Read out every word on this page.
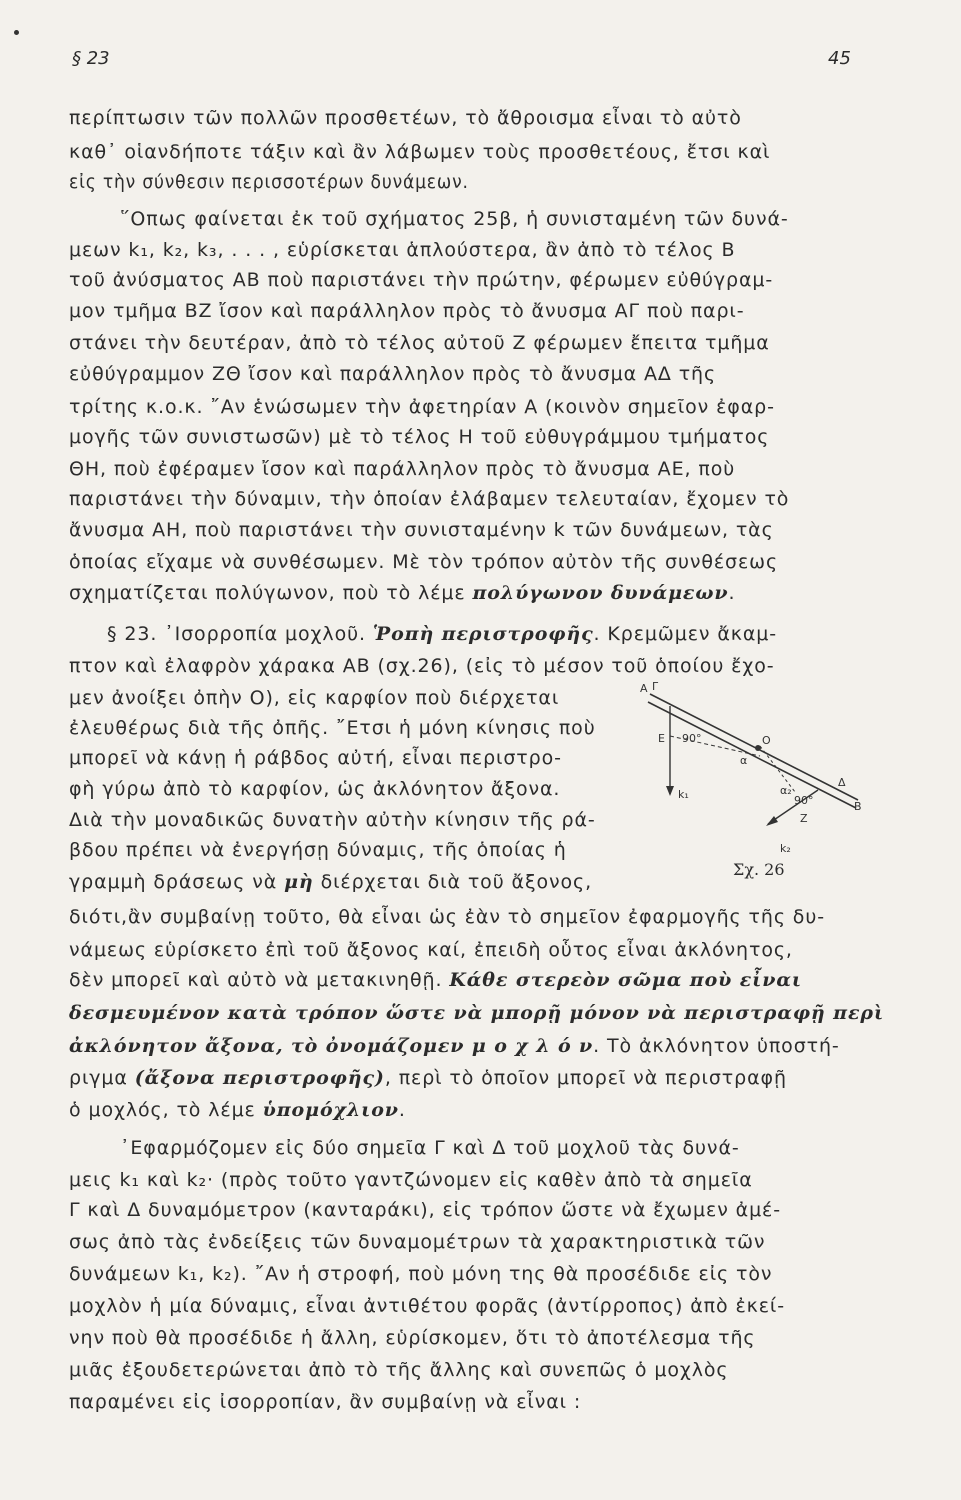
§ 23	45
περίπτωσιν τῶν πολλῶν προσθετέων, τὸ ἄθροισμα εἶναι τὸ αὐτὸ
καθ᾿ οἱανδήποτε τάξιν καὶ ἂν λάβωμεν τοὺς προσθετέους, ἔτσι καὶ
εἰς τὴν σύνθεσιν περισσοτέρων δυνάμεων.
῞Οπως φαίνεται ἐκ τοῦ σχήματος 25β, ἡ συνισταμένη τῶν δυνά-
μεων k₁, k₂, k₃, . . . , εὑρίσκεται ἁπλούστερα, ἂν ἀπὸ τὸ τέλος Β
τοῦ ἀνύσματος ΑΒ ποὺ παριστάνει τὴν πρώτην, φέρωμεν εὐθύγραμ-
μον τμῆμα ΒΖ ἴσον καὶ παράλληλον πρὸς τὸ ἄνυσμα ΑΓ ποὺ παρι-
στάνει τὴν δευτέραν, ἀπὸ τὸ τέλος αὐτοῦ Ζ φέρωμεν ἔπειτα τμῆμα
εὐθύγραμμον ΖΘ ἴσον καὶ παράλληλον πρὸς τὸ ἄνυσμα ΑΔ τῆς
τρίτης κ.ο.κ. ῎Αν ἑνώσωμεν τὴν ἀφετηρίαν Α (κοινὸν σημεῖον ἐφαρ-
μογῆς τῶν συνιστωσῶν) μὲ τὸ τέλος Η τοῦ εὐθυγράμμου τμήματος
ΘΗ, ποὺ ἐφέραμεν ἴσον καὶ παράλληλον πρὸς τὸ ἄνυσμα ΑΕ, ποὺ
παριστάνει τὴν δύναμιν, τὴν ὁποίαν ἐλάβαμεν τελευταίαν, ἔχομεν τὸ
ἄνυσμα ΑΗ, ποὺ παριστάνει τὴν συνισταμένην k τῶν δυνάμεων, τὰς
ὁποίας εἴχαμε νὰ συνθέσωμεν. Μὲ τὸν τρόπον αὐτὸν τῆς συνθέσεως
σχηματίζεται πολύγωνον, ποὺ τὸ λέμε πολύγωνον δυνάμεων.
§ 23. ᾿Ισορροπία μοχλοῦ. Ῥοπὴ περιστροφῆς. Κρεμῶμεν ἄκαμ-
πτον καὶ ἐλαφρὸν χάρακα ΑΒ (σχ.26), (εἰς τὸ μέσον τοῦ ὁποίου ἔχο-
μεν ἀνοίξει ὀπὴν Ο), εἰς καρφίον ποὺ διέρχεται
ἐλευθέρως διὰ τῆς ὀπῆς. ῎Ετσι ἡ μόνη κίνησις ποὺ
μπορεῖ νὰ κάνῃ ἡ ράβδος αὐτή, εἶναι περιστρο-
φὴ γύρω ἀπὸ τὸ καρφίον, ὡς ἀκλόνητον ἄξονα.
Διὰ τὴν μοναδικῶς δυνατὴν αὐτὴν κίνησιν τῆς ρά-
βδου πρέπει νὰ ἐνεργήσῃ δύναμις, τῆς ὁποίας ἡ
γραμμὴ δράσεως νὰ μὴ διέρχεται διὰ τοῦ ἄξονος,
διότι,ἂν συμβαίνῃ τοῦτο, θὰ εἶναι ὡς ἐὰν τὸ σημεῖον ἐφαρμογῆς τῆς δυ-
νάμεως εὑρίσκετο ἐπὶ τοῦ ἄξονος καί, ἐπειδὴ οὗτος εἶναι ἀκλόνητος,
δὲν μπορεῖ καὶ αὐτὸ νὰ μετακινηθῇ. Κάθε στερεὸν σῶμα ποὺ εἶναι
δεσμευμένον κατὰ τρόπον ὥστε νὰ μπορῇ μόνον νὰ περιστραφῇ περὶ
ἀκλόνητον ἄξονα, τὸ ὀνομάζομεν μ ο χ λ ό ν. Τὸ ἀκλόνητον ὑποστή-
ριγμα (ἄξονα περιστροφῆς), περὶ τὸ ὁποῖον μπορεῖ νὰ περιστραφῇ
ὁ μοχλός, τὸ λέμε ὑπομόχλιον.
᾿Εφαρμόζομεν εἰς δύο σημεῖα Γ καὶ Δ τοῦ μοχλοῦ τὰς δυνά-
μεις k₁ καὶ k₂· (πρὸς τοῦτο γαντζώνομεν εἰς καθὲν ἀπὸ τὰ σημεῖα
Γ καὶ Δ δυναμόμετρον (κανταράκι), εἰς τρόπον ὥστε νὰ ἔχωμεν ἀμέ-
σως ἀπὸ τὰς ἐνδείξεις τῶν δυναμομέτρων τὰ χαρακτηριστικὰ τῶν
δυνάμεων k₁, k₂). ῎Αν ἡ στροφή, ποὺ μόνη της θὰ προσέδιδε εἰς τὸν
μοχλὸν ἡ μία δύναμις, εἶναι ἀντιθέτου φορᾶς (ἀντίρροπος) ἀπὸ ἐκεί-
νην ποὺ θὰ προσέδιδε ἡ ἄλλη, εὑρίσκομεν, ὅτι τὸ ἀποτέλεσμα τῆς
μιᾶς ἐξουδετερώνεται ἀπὸ τὸ τῆς ἄλλης καὶ συνεπῶς ὁ μοχλὸς
παραμένει εἰς ἰσορροπίαν, ἂν συμβαίνῃ νὰ εἶναι :
Α Γ
Ε	Ο
α
Δ
Β
Ζ
k₁
k₂
90°
90°
α₂
Σχ. 26
